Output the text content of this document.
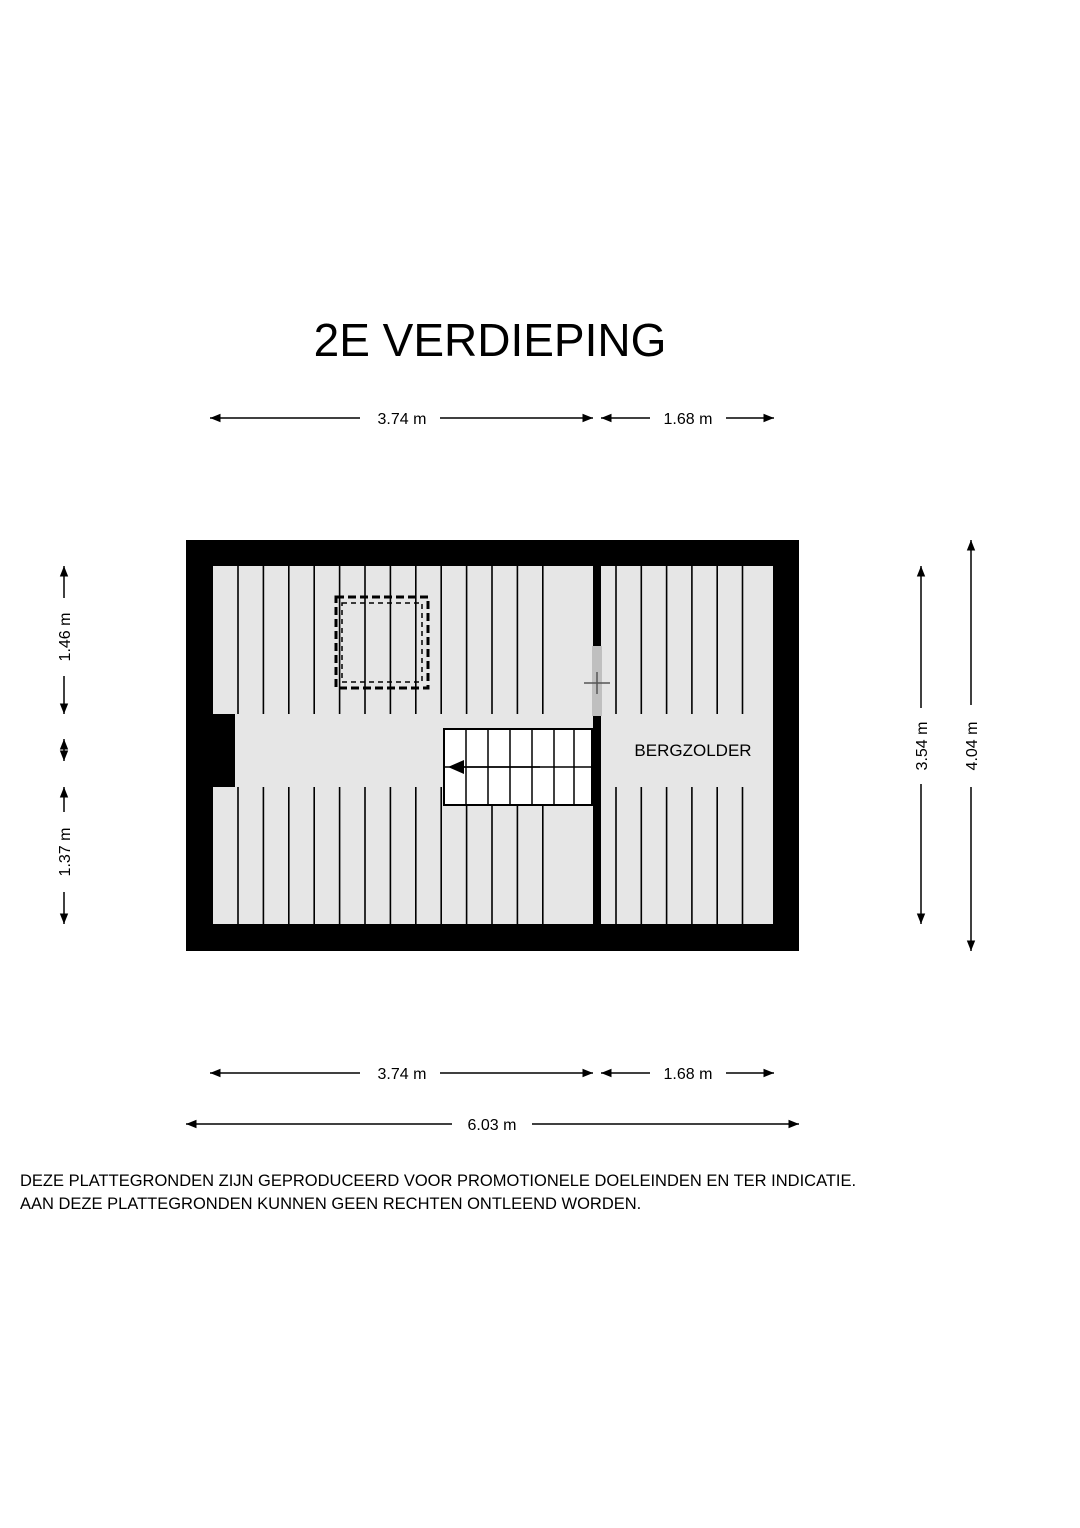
2E VERDIEPING
3.74 m	1.68 m
BERGZOLDER
1.46 m
1.37 m
3.54 m 4.04 m
3.74 m	1.68 m
6.03 m
DEZE PLATTEGRONDEN ZIJN GEPRODUCEERD VOOR PROMOTIONELE DOELEINDEN EN TER INDICATIE.
AAN DEZE PLATTEGRONDEN KUNNEN GEEN RECHTEN ONTLEEND WORDEN.
